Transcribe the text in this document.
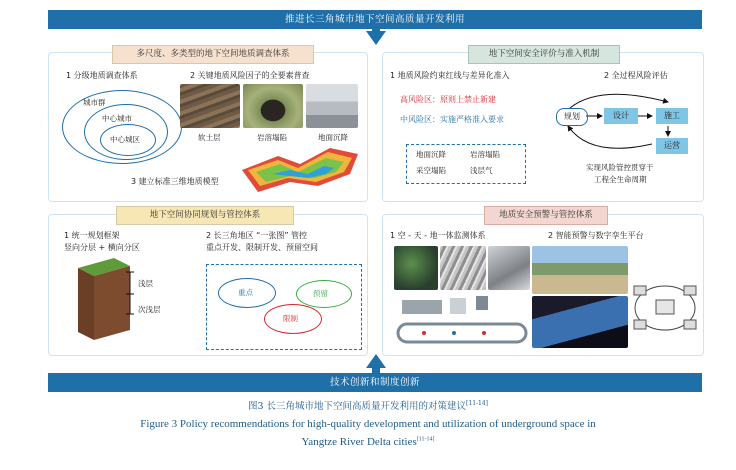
推进长三角城市地下空间高质量开发利用
多尺度、多类型的地下空间地质调查体系
1 分级地质调查体系	2 关键地质风险因子的全要素普查
城市群
中心城市
中心城区	软土层	岩溶塌陷	地面沉降
3 建立标准三维地质模型
地下空间安全评价与准入机制
1 地质风险约束红线与差异化准入	2 全过程风险评估
高风险区：原则上禁止新建
中风险区：实施严格准入要求
地面沉降	岩溶塌陷
采空塌陷	浅层气
规划	设计	施工
运营
实现风险管控贯穿于
工程全生命周期
地下空间协同规划与管控体系
1 统一规划框架
竖向分层 + 横向分区
2 长三角地区 “一张图” 管控
重点开发、限制开发、预留空间
浅层
次浅层
重点	预留
限制
地质安全预警与管控体系
1 空 - 天 - 地一体监测体系	2 智能预警与数字孪生平台
技术创新和制度创新
图3 长三角城市地下空间高质量开发利用的对策建议[11-14]
Figure 3 Policy recommendations for high-quality development and utilization of underground space in
Yangtze River Delta cities[11-14]
